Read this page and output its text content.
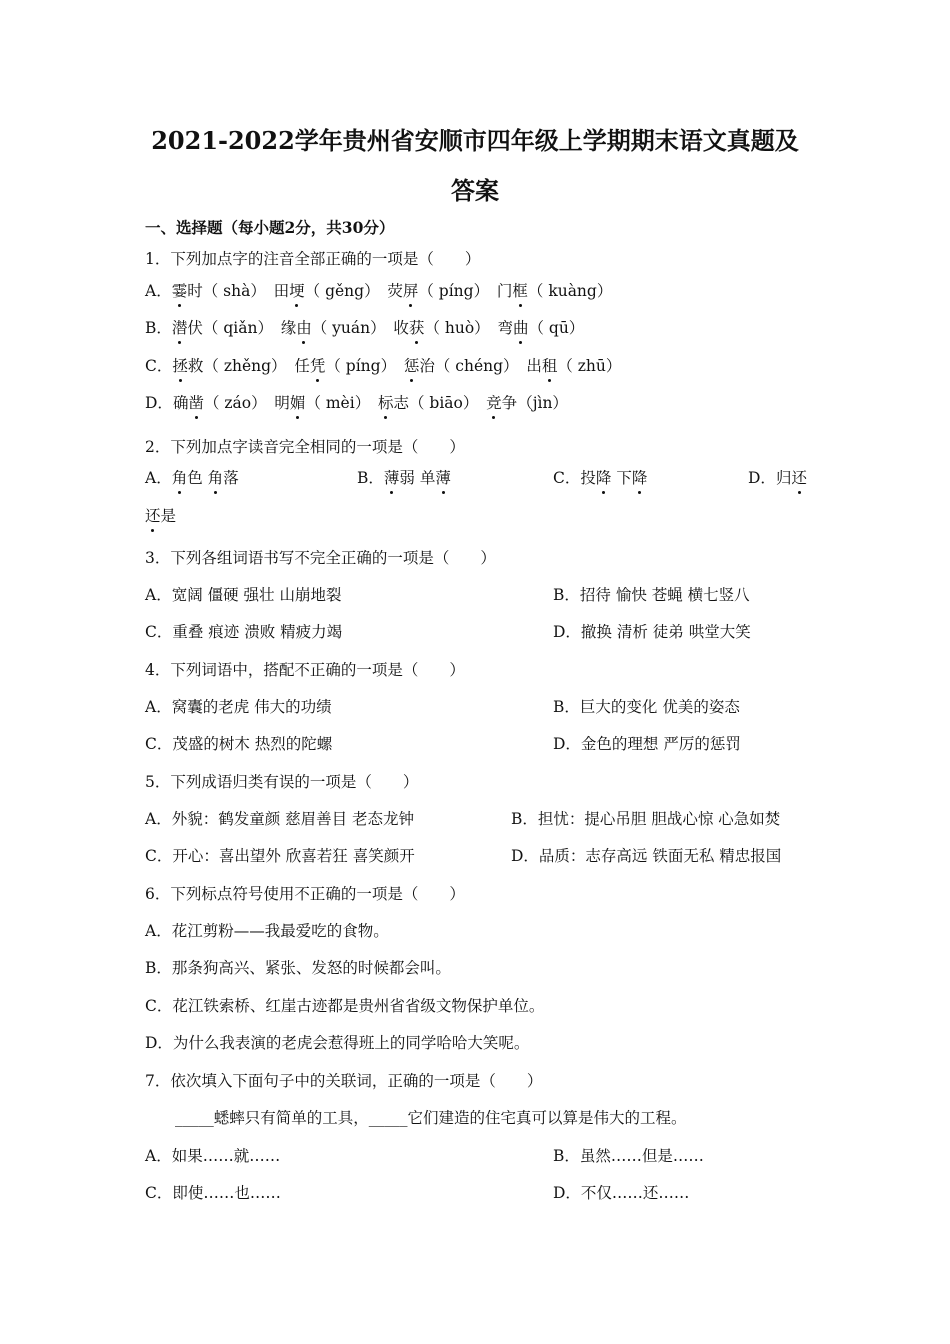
2021-2022学年贵州省安顺市四年级上学期期末语文真题及
答案
一、选择题（每小题2分，共30分）
1．下列加点字的注音全部正确的一项是（　　）
A．霎时（ shà）　 田埂（ gěng）　 荧屏（ píng）　 门框（ kuàng）
B．潜伏（ qiǎn）　 缘由（ yuán）　 收获（ huò）　 弯曲（ qū）
C．拯救（ zhěng）　 任凭（ píng）　 惩治（ chéng）　 出租（ zhū）
D．确凿（ záo）　 明媚（ mèi）　 标志（ biāo）　 竞争（jìn）
2．下列加点字读音完全相同的一项是（　　）
A．角色 角落	B．薄弱 单薄	C．投降 下降	D．归还
还是
3．下列各组词语书写不完全正确的一项是（　　）
A．宽阔 僵硬 强壮 山崩地裂	B．招待 愉快 苍蝇 横七竖八
C．重叠 痕迹 溃败 精疲力竭	D．撤换 清析 徒弟 哄堂大笑
4．下列词语中，搭配不正确的一项是（　　）
A．窝囊的老虎 伟大的功绩	B．巨大的变化 优美的姿态
C．茂盛的树木 热烈的陀螺	D．金色的理想 严厉的惩罚
5．下列成语归类有误的一项是（　　）
A．外貌：鹤发童颜 慈眉善目 老态龙钟	B．担忧：提心吊胆 胆战心惊 心急如焚
C．开心：喜出望外 欣喜若狂 喜笑颜开	D．品质：志存高远 铁面无私 精忠报国
6．下列标点符号使用不正确的一项是（　　）
A．花江剪粉——我最爱吃的食物。
B．那条狗高兴、紧张、发怒的时候都会叫。
C．花江铁索桥、红崖古迹都是贵州省省级文物保护单位。
D．为什么我表演的老虎会惹得班上的同学哈哈大笑呢。
7．依次填入下面句子中的关联词，正确的一项是（　　）
_____蟋蟀只有简单的工具，_____它们建造的住宅真可以算是伟大的工程。
A．如果……就……	B．虽然……但是……
C．即使……也……	D．不仅……还……
